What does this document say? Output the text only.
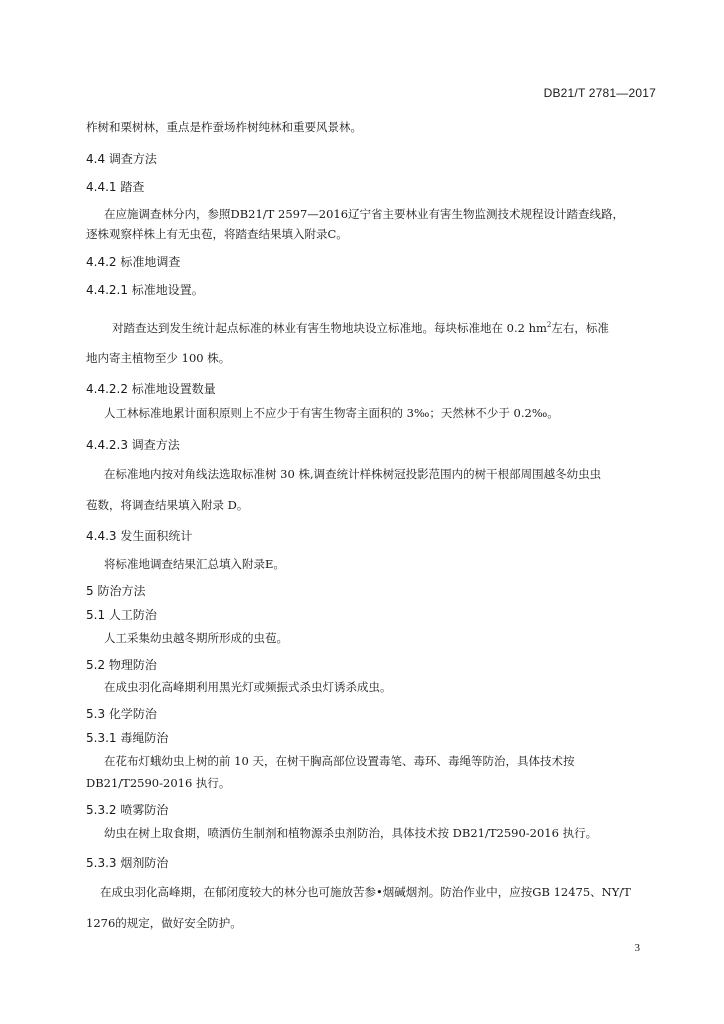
DB21/T 2781—2017
柞树和栗树林，重点是柞蚕场柞树纯林和重要风景林。
4.4 调查方法
4.4.1 踏查
在应施调查林分内，参照DB21/T 2597—2016辽宁省主要林业有害生物监测技术规程设计踏查线路，
逐株观察样株上有无虫苞，将踏查结果填入附录C。
4.4.2 标准地调查
4.4.2.1 标准地设置。
对踏查达到发生统计起点标准的林业有害生物地块设立标准地。每块标准地在 0.2 $hm^2$左右，标准
地内寄主植物至少 100 株。
4.4.2.2 标准地设置数量
人工林标准地累计面积原则上不应少于有害生物寄主面积的 3‰；天然林不少于 0.2‰。
4.4.2.3 调查方法
在标准地内按对角线法选取标准树 30 株,调查统计样株树冠投影范围内的树干根部周围越冬幼虫虫
苞数，将调查结果填入附录 D。
4.4.3 发生面积统计
将标准地调查结果汇总填入附录E。
5 防治方法
5.1 人工防治
人工采集幼虫越冬期所形成的虫苞。
5.2 物理防治
在成虫羽化高峰期利用黑光灯或频振式杀虫灯诱杀成虫。
5.3 化学防治
5.3.1 毒绳防治
在花布灯蛾幼虫上树的前 10 天，在树干胸高部位设置毒笔、毒环、毒绳等防治，具体技术按
DB21/T2590-2016 执行。
5.3.2 喷雾防治
幼虫在树上取食期，喷洒仿生制剂和植物源杀虫剂防治，具体技术按 DB21/T2590-2016 执行。
5.3.3 烟剂防治
在成虫羽化高峰期，在郁闭度较大的林分也可施放苦参•烟碱烟剂。防治作业中，应按GB 12475、NY/T
1276的规定，做好安全防护。
3
